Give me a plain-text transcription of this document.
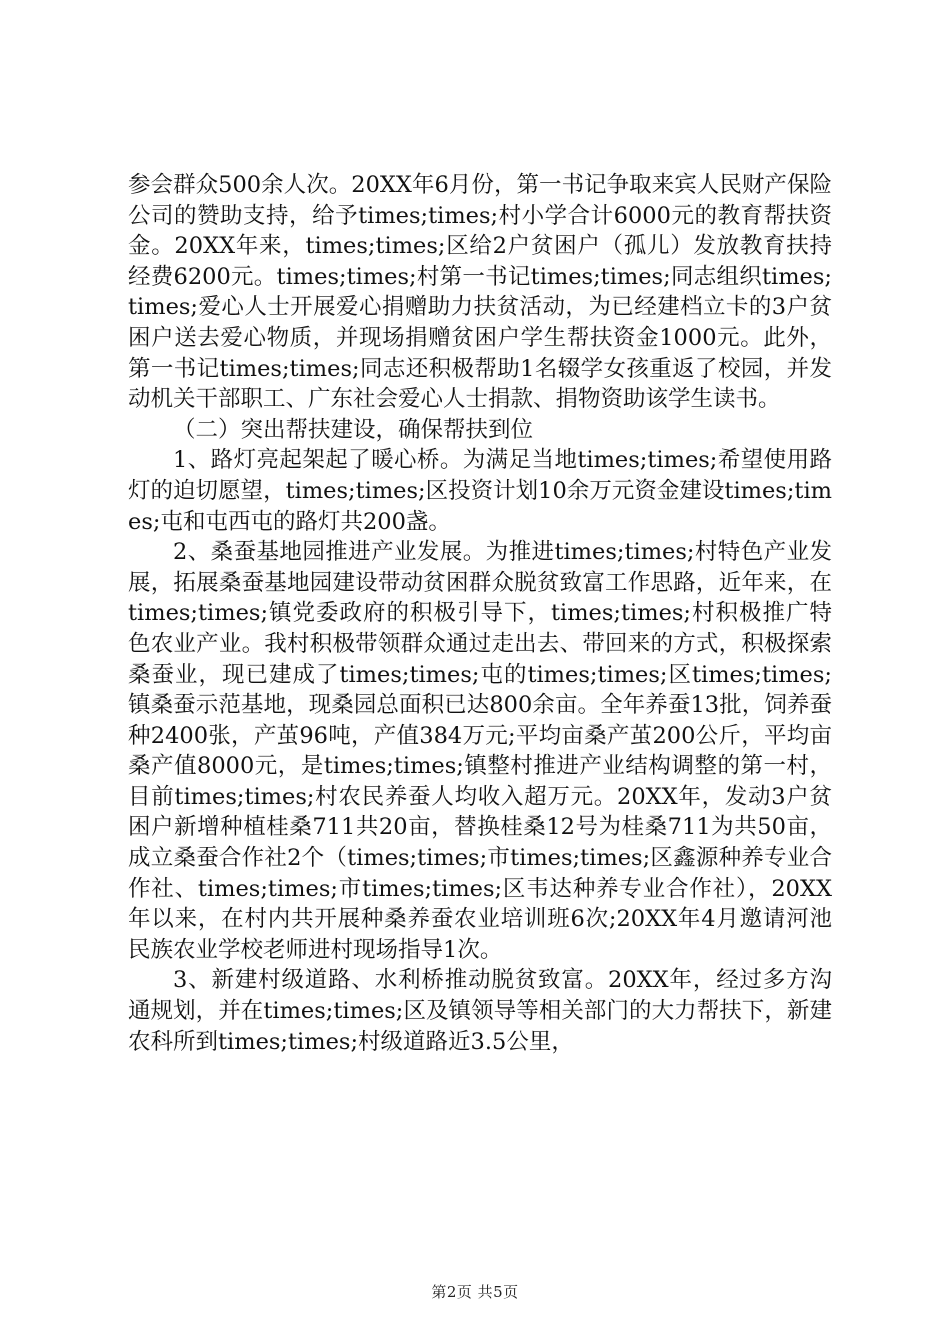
参会群众500余人次。20XX年6月份，第一书记争取来宾人民财产保险公司的赞助支持，给予times;times;村小学合计6000元的教育帮扶资金。20XX年来，times;times;区给2户贫困户（孤儿）发放教育扶持经费6200元。times;times;村第一书记times;times;同志组织times;times;爱心人士开展爱心捐赠助力扶贫活动，为已经建档立卡的3户贫困户送去爱心物质，并现场捐赠贫困户学生帮扶资金1000元。此外，第一书记times;times;同志还积极帮助1名辍学女孩重返了校园，并发动机关干部职工、广东社会爱心人士捐款、捐物资助该学生读书。

（二）突出帮扶建设，确保帮扶到位

1、路灯亮起架起了暖心桥。为满足当地times;times;希望使用路灯的迫切愿望，times;times;区投资计划10余万元资金建设times;times;屯和屯西屯的路灯共200盏。

2、桑蚕基地园推进产业发展。为推进times;times;村特色产业发展，拓展桑蚕基地园建设带动贫困群众脱贫致富工作思路，近年来，在times;times;镇党委政府的积极引导下，times;times;村积极推广特色农业产业。我村积极带领群众通过走出去、带回来的方式，积极探索桑蚕业，现已建成了times;times;屯的times;times;区times;times;镇桑蚕示范基地，现桑园总面积已达800余亩。全年养蚕13批，饲养蚕种2400张，产茧96吨，产值384万元;平均亩桑产茧200公斤，平均亩桑产值8000元，是times;times;镇整村推进产业结构调整的第一村，目前times;times;村农民养蚕人均收入超万元。20XX年，发动3户贫困户新增种植桂桑711共20亩，替换桂桑12号为桂桑711为共50亩，成立桑蚕合作社2个（times;times;市times;times;区鑫源种养专业合作社、times;times;市times;times;区韦达种养专业合作社），20XX年以来，在村内共开展种桑养蚕农业培训班6次;20XX年4月邀请河池民族农业学校老师进村现场指导1次。

3、新建村级道路、水利桥推动脱贫致富。20XX年，经过多方沟通规划，并在times;times;区及镇领导等相关部门的大力帮扶下，新建农科所到times;times;村级道路近3.5公里，

第2页 共5页
